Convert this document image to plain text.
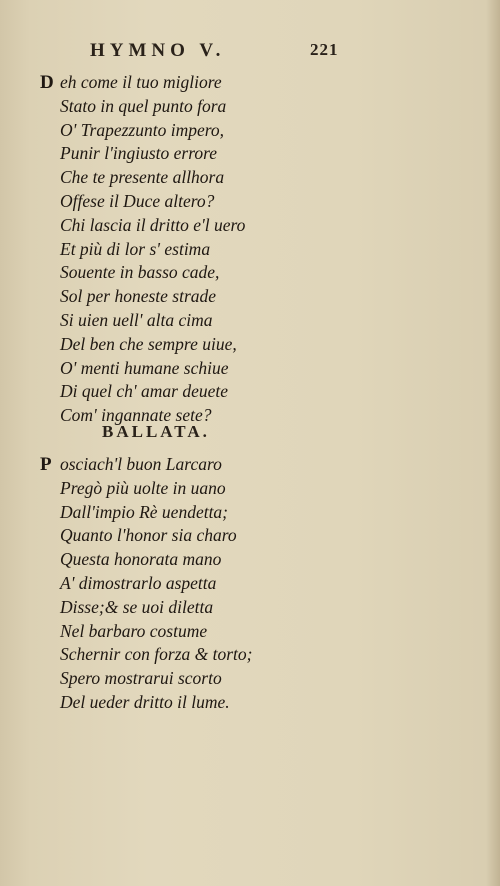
HYMNO V.	221
D eh come il tuo migliore
Stato in quel punto fora
O' Trapezzunto impero,
Punir l'ingiusto errore
Che te presente allhora
Offese il Duce altero?
Chi lascia il dritto e'l uero
Et più di lor s' estima
Souente in basso cade,
Sol per honeste strade
Si uien uell' alta cima
Del ben che sempre uiue,
O' menti humane schiue
Di quel ch' amar deuete
Com' ingannate sete?
BALLATA.
P osciach'l buon Larcaro
Pregò più uolte in uano
Dall'impio Rè uendetta;
Quanto l'honor sia charo
Questa honorata mano
A' dimostrarlo aspetta
Disse;& se uoi diletta
Nel barbaro costume
Schernir con forza & torto;
Spero mostrarui scorto
Del ueder dritto il lume.
